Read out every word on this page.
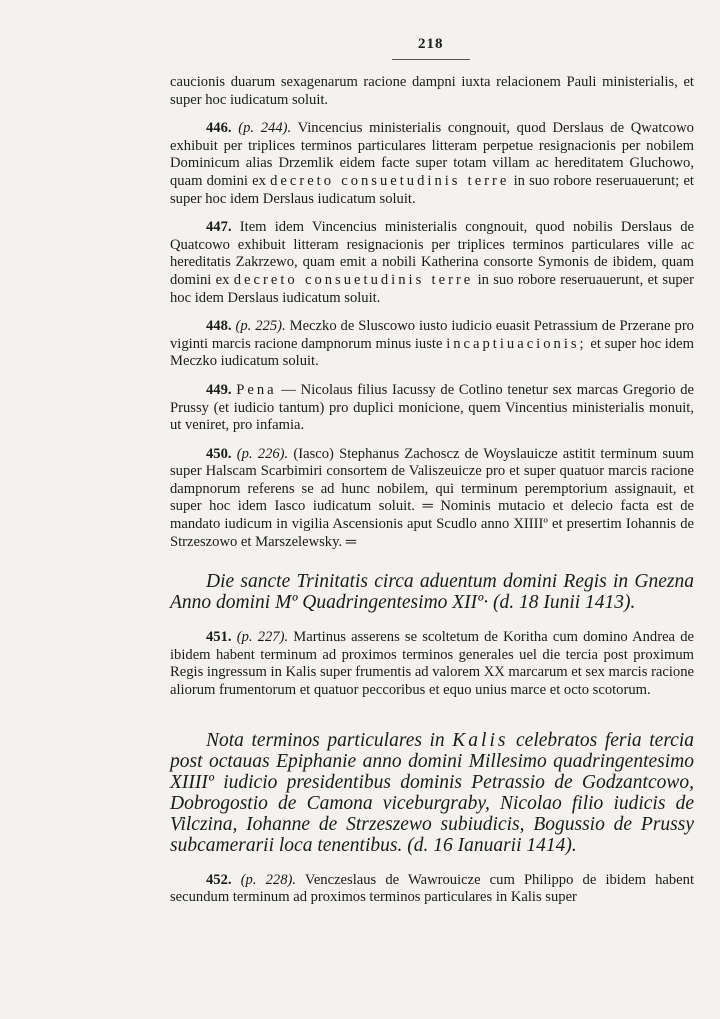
218

caucionis duarum sexagenarum racione dampni iuxta relacionem Pauli ministerialis, et super hoc iudicatum soluit.

446. (p. 244). Vincencius ministerialis congnouit, quod Derslaus de Qwatcowo exhibuit per triplices terminos particulares litteram perpetue resignacionis per nobilem Dominicum alias Drzemlik eidem facte super totam villam ac hereditatem Gluchowo, quam domini ex decreto consuetudinis terre in suo robore reseruauerunt; et super hoc idem Derslaus iudicatum soluit.

447. Item idem Vincencius ministerialis congnouit, quod nobilis Derslaus de Quatcowo exhibuit litteram resignacionis per triplices terminos particulares ville ac hereditatis Zakrzewo, quam emit a nobili Katherina consorte Symonis de ibidem, quam domini ex decreto consuetudinis terre in suo robore reseruauerunt, et super hoc idem Derslaus iudicatum soluit.

448. (p. 225). Meczko de Sluscowo iusto iudicio euasit Petrassium de Przerane pro viginti marcis racione dampnorum minus iuste incaptiuacionis; et super hoc idem Meczko iudicatum soluit.

449. Pena — Nicolaus filius Iacussy de Cotlino tenetur sex marcas Gregorio de Prussy (et iudicio tantum) pro duplici monicione, quem Vincentius ministerialis monuit, ut veniret, pro infamia.

450. (p. 226). (Iasco) Stephanus Zachoscz de Woyslauicze astitit terminum suum super Halscam Scarbimiri consortem de Valiszeuicze pro et super quatuor marcis racione dampnorum referens se ad hunc nobilem, qui terminum peremptorium assignauit, et super hoc idem Iasco iudicatum soluit. ═ Nominis mutacio et delecio facta est de mandato iudicum in vigilia Ascensionis aput Scudlo anno XIIIIº et presertim Iohannis de Strzeszowo et Marszelewsky. ═

Die sancte Trinitatis circa aduentum domini Regis in Gnezna Anno domini Mº Quadringentesimo XIIº· (d. 18 Iunii 1413).

451. (p. 227). Martinus asserens se scoltetum de Koritha cum domino Andrea de ibidem habent terminum ad proximos terminos generales uel die tercia post proximum Regis ingressum in Kalis super frumentis ad valorem XX marcarum et sex marcis racione aliorum frumentorum et quatuor peccoribus et equo unius marce et octo scotorum.

Nota terminos particulares in Kalis celebratos feria tercia post octauas Epiphanie anno domini Millesimo quadringentesimo XIIIIº iudicio presidentibus dominis Petrassio de Godzantcowo, Dobrogostio de Camona viceburgraby, Nicolao filio iudicis de Vilczina, Iohanne de Strzeszewo subiudicis, Bogussio de Prussy subcamerarii loca tenentibus. (d. 16 Ianuarii 1414).

452. (p. 228). Venczeslaus de Wawrouicze cum Philippo de ibidem habent secundum terminum ad proximos terminos particulares in Kalis super
